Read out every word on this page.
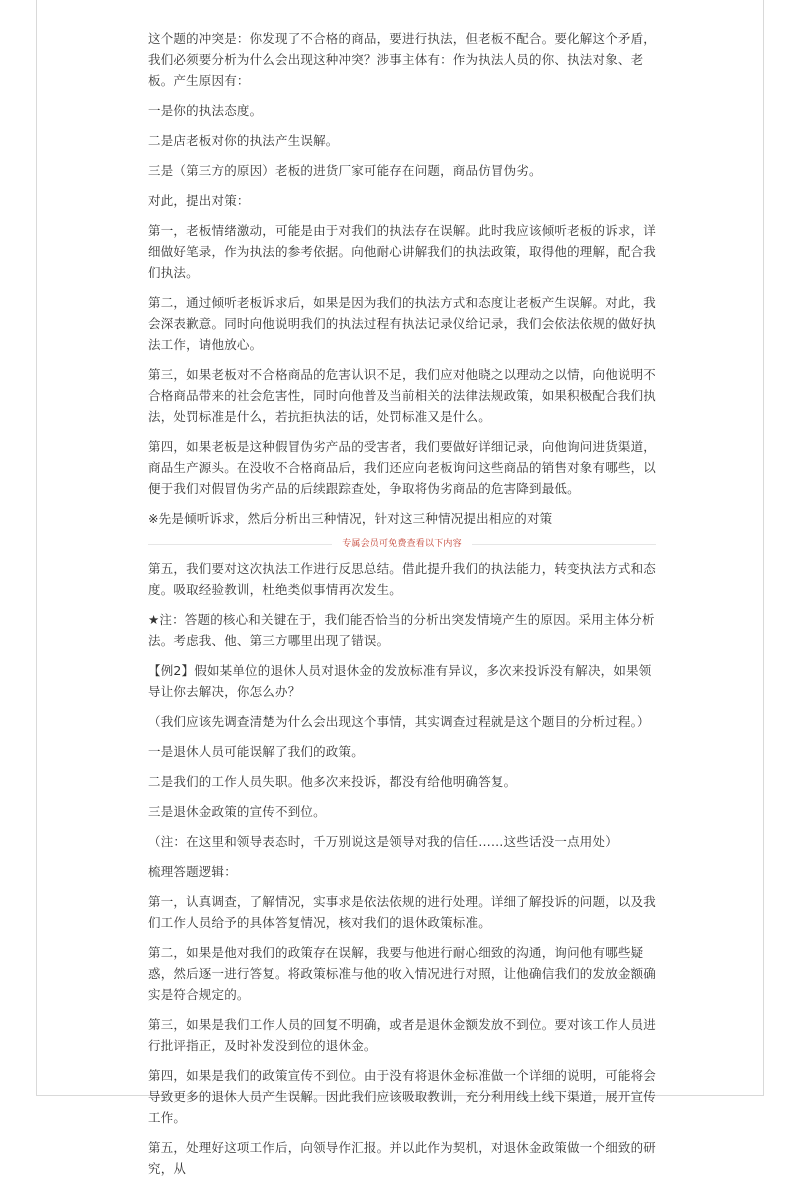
这个题的冲突是：你发现了不合格的商品，要进行执法，但老板不配合。要化解这个矛盾，我们必须要分析为什么会出现这种冲突？涉事主体有：作为执法人员的你、执法对象、老板。产生原因有：

一是你的执法态度。

二是店老板对你的执法产生误解。

三是（第三方的原因）老板的进货厂家可能存在问题，商品仿冒伪劣。

对此，提出对策：

第一，老板情绪激动，可能是由于对我们的执法存在误解。此时我应该倾听老板的诉求，详细做好笔录，作为执法的参考依据。向他耐心讲解我们的执法政策，取得他的理解，配合我们执法。

第二，通过倾听老板诉求后，如果是因为我们的执法方式和态度让老板产生误解。对此，我会深表歉意。同时向他说明我们的执法过程有执法记录仪给记录，我们会依法依规的做好执法工作，请他放心。

第三，如果老板对不合格商品的危害认识不足，我们应对他晓之以理动之以情，向他说明不合格商品带来的社会危害性，同时向他普及当前相关的法律法规政策，如果积极配合我们执法，处罚标准是什么，若抗拒执法的话，处罚标准又是什么。

第四，如果老板是这种假冒伪劣产品的受害者，我们要做好详细记录，向他询问进货渠道，商品生产源头。在没收不合格商品后，我们还应向老板询问这些商品的销售对象有哪些，以便于我们对假冒伪劣产品的后续跟踪查处，争取将伪劣商品的危害降到最低。

※先是倾听诉求，然后分析出三种情况，针对这三种情况提出相应的对策

专属会员可免费查看以下内容

第五，我们要对这次执法工作进行反思总结。借此提升我们的执法能力，转变执法方式和态度。吸取经验教训，杜绝类似事情再次发生。

★注：答题的核心和关键在于，我们能否恰当的分析出突发情境产生的原因。采用主体分析法。考虑我、他、第三方哪里出现了错误。

【例2】假如某单位的退休人员对退休金的发放标准有异议，多次来投诉没有解决，如果领导让你去解决，你怎么办？

（我们应该先调查清楚为什么会出现这个事情，其实调查过程就是这个题目的分析过程。）

一是退休人员可能误解了我们的政策。

二是我们的工作人员失职。他多次来投诉，都没有给他明确答复。

三是退休金政策的宣传不到位。

（注：在这里和领导表态时，千万别说这是领导对我的信任……这些话没一点用处）

梳理答题逻辑：

第一，认真调查，了解情况，实事求是依法依规的进行处理。详细了解投诉的问题，以及我们工作人员给予的具体答复情况，核对我们的退休政策标准。

第二，如果是他对我们的政策存在误解，我要与他进行耐心细致的沟通，询问他有哪些疑惑，然后逐一进行答复。将政策标准与他的收入情况进行对照，让他确信我们的发放金额确实是符合规定的。

第三，如果是我们工作人员的回复不明确，或者是退休金额发放不到位。要对该工作人员进行批评指正，及时补发没到位的退休金。

第四，如果是我们的政策宣传不到位。由于没有将退休金标准做一个详细的说明，可能将会导致更多的退休人员产生误解。因此我们应该吸取教训，充分利用线上线下渠道，展开宣传工作。

第五，处理好这项工作后，向领导作汇报。并以此作为契机，对退休金政策做一个细致的研究，从
